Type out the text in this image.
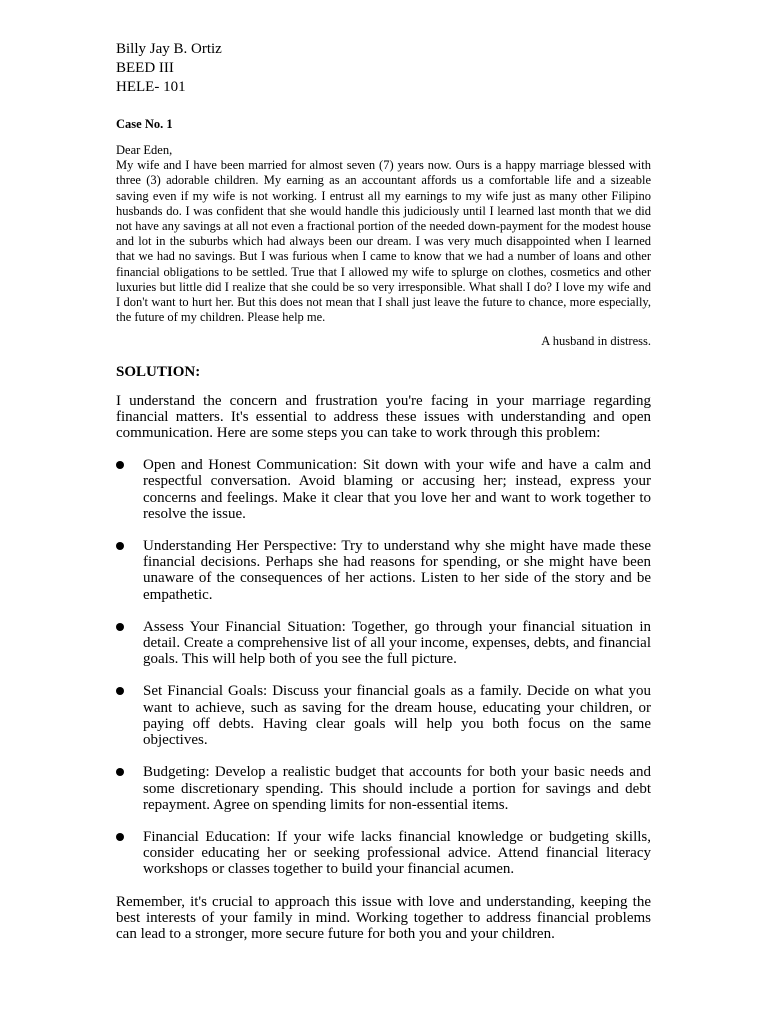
Billy Jay B. Ortiz
BEED III
HELE- 101
Case No. 1
Dear Eden,
My wife and I have been married for almost seven (7) years now. Ours is a happy marriage blessed with three (3) adorable children. My earning as an accountant affords us a comfortable life and a sizeable saving even if my wife is not working. I entrust all my earnings to my wife just as many other Filipino husbands do. I was confident that she would handle this judiciously until I learned last month that we did not have any savings at all not even a fractional portion of the needed down-payment for the modest house and lot in the suburbs which had always been our dream. I was very much disappointed when I learned that we had no savings. But I was furious when I came to know that we had a number of loans and other financial obligations to be settled. True that I allowed my wife to splurge on clothes, cosmetics and other luxuries but little did I realize that she could be so very irresponsible. What shall I do? I love my wife and I don't want to hurt her. But this does not mean that I shall just leave the future to chance, more especially, the future of my children. Please help me.
A husband in distress.
SOLUTION:
I understand the concern and frustration you're facing in your marriage regarding financial matters. It's essential to address these issues with understanding and open communication. Here are some steps you can take to work through this problem:
Open and Honest Communication: Sit down with your wife and have a calm and respectful conversation. Avoid blaming or accusing her; instead, express your concerns and feelings. Make it clear that you love her and want to work together to resolve the issue.
Understanding Her Perspective: Try to understand why she might have made these financial decisions. Perhaps she had reasons for spending, or she might have been unaware of the consequences of her actions. Listen to her side of the story and be empathetic.
Assess Your Financial Situation: Together, go through your financial situation in detail. Create a comprehensive list of all your income, expenses, debts, and financial goals. This will help both of you see the full picture.
Set Financial Goals: Discuss your financial goals as a family. Decide on what you want to achieve, such as saving for the dream house, educating your children, or paying off debts. Having clear goals will help you both focus on the same objectives.
Budgeting: Develop a realistic budget that accounts for both your basic needs and some discretionary spending. This should include a portion for savings and debt repayment. Agree on spending limits for non-essential items.
Financial Education: If your wife lacks financial knowledge or budgeting skills, consider educating her or seeking professional advice. Attend financial literacy workshops or classes together to build your financial acumen.
Remember, it's crucial to approach this issue with love and understanding, keeping the best interests of your family in mind. Working together to address financial problems can lead to a stronger, more secure future for both you and your children.
